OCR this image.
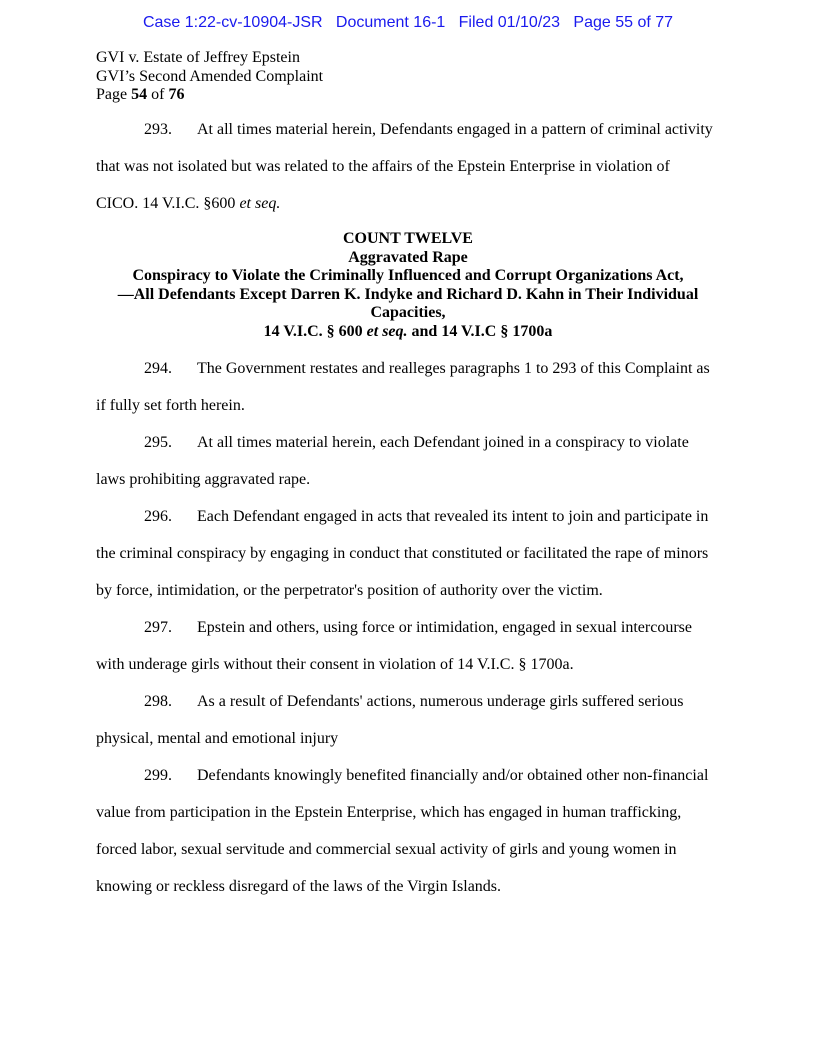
Case 1:22-cv-10904-JSR Document 16-1 Filed 01/10/23 Page 55 of 77
GVI v. Estate of Jeffrey Epstein
GVI’s Second Amended Complaint
Page 54 of 76

293. At all times material herein, Defendants engaged in a pattern of criminal activity
that was not isolated but was related to the affairs of the Epstein Enterprise in violation of
CICO. 14 V.I.C. §600 et seq.

COUNT TWELVE
Aggravated Rape
Conspiracy to Violate the Criminally Influenced and Corrupt Organizations Act,
—All Defendants Except Darren K. Indyke and Richard D. Kahn in Their Individual
Capacities,
14 V.I.C. § 600 et seq. and 14 V.I.C § 1700a

294. The Government restates and realleges paragraphs 1 to 293 of this Complaint as
if fully set forth herein.

295. At all times material herein, each Defendant joined in a conspiracy to violate
laws prohibiting aggravated rape.

296. Each Defendant engaged in acts that revealed its intent to join and participate in
the criminal conspiracy by engaging in conduct that constituted or facilitated the rape of minors
by force, intimidation, or the perpetrator's position of authority over the victim.

297. Epstein and others, using force or intimidation, engaged in sexual intercourse
with underage girls without their consent in violation of 14 V.I.C. § 1700a.

298. As a result of Defendants' actions, numerous underage girls suffered serious
physical, mental and emotional injury

299. Defendants knowingly benefited financially and/or obtained other non-financial
value from participation in the Epstein Enterprise, which has engaged in human trafficking,
forced labor, sexual servitude and commercial sexual activity of girls and young women in
knowing or reckless disregard of the laws of the Virgin Islands.
